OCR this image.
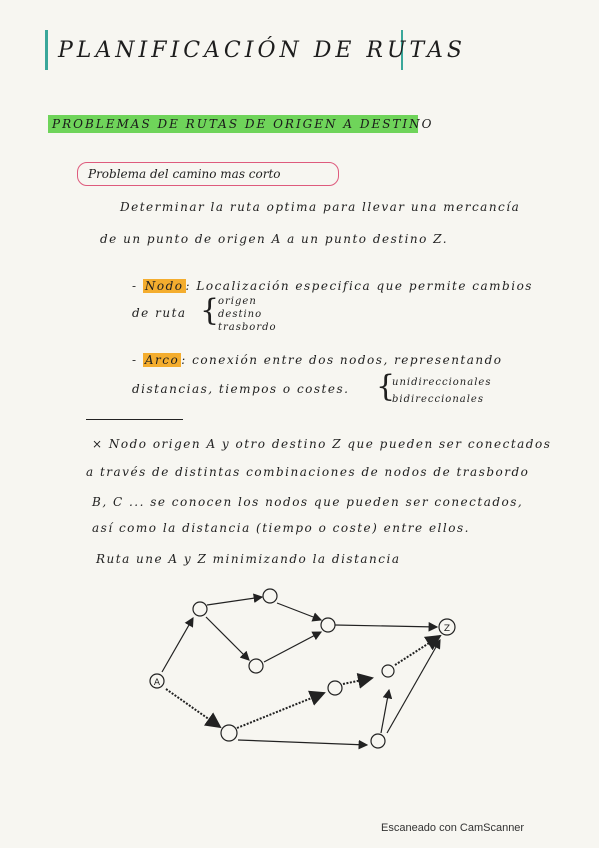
PLANIFICACIÓN DE RUTAS
PROBLEMAS DE RUTAS DE ORIGEN A DESTINO
Problema del camino mas corto
Determinar la ruta optima para llevar una mercancía
de un punto de origen A a un punto destino Z.
- Nodo : Localización especifica que permite cambios
de ruta {
origen
destino
trasbordo
- Arco : conexión entre dos nodos, representando
distancias, tiempos o costes. {
unidireccionales
bidireccionales
× Nodo origen A y otro destino Z que pueden ser conectados
a través de distintas combinaciones de nodos de trasbordo
B, C ... se conocen los nodos que pueden ser conectados,
así como la distancia (tiempo o coste) entre ellos.
Ruta une A y Z minimizando la distancia
A
Z
Escaneado con CamScanner
